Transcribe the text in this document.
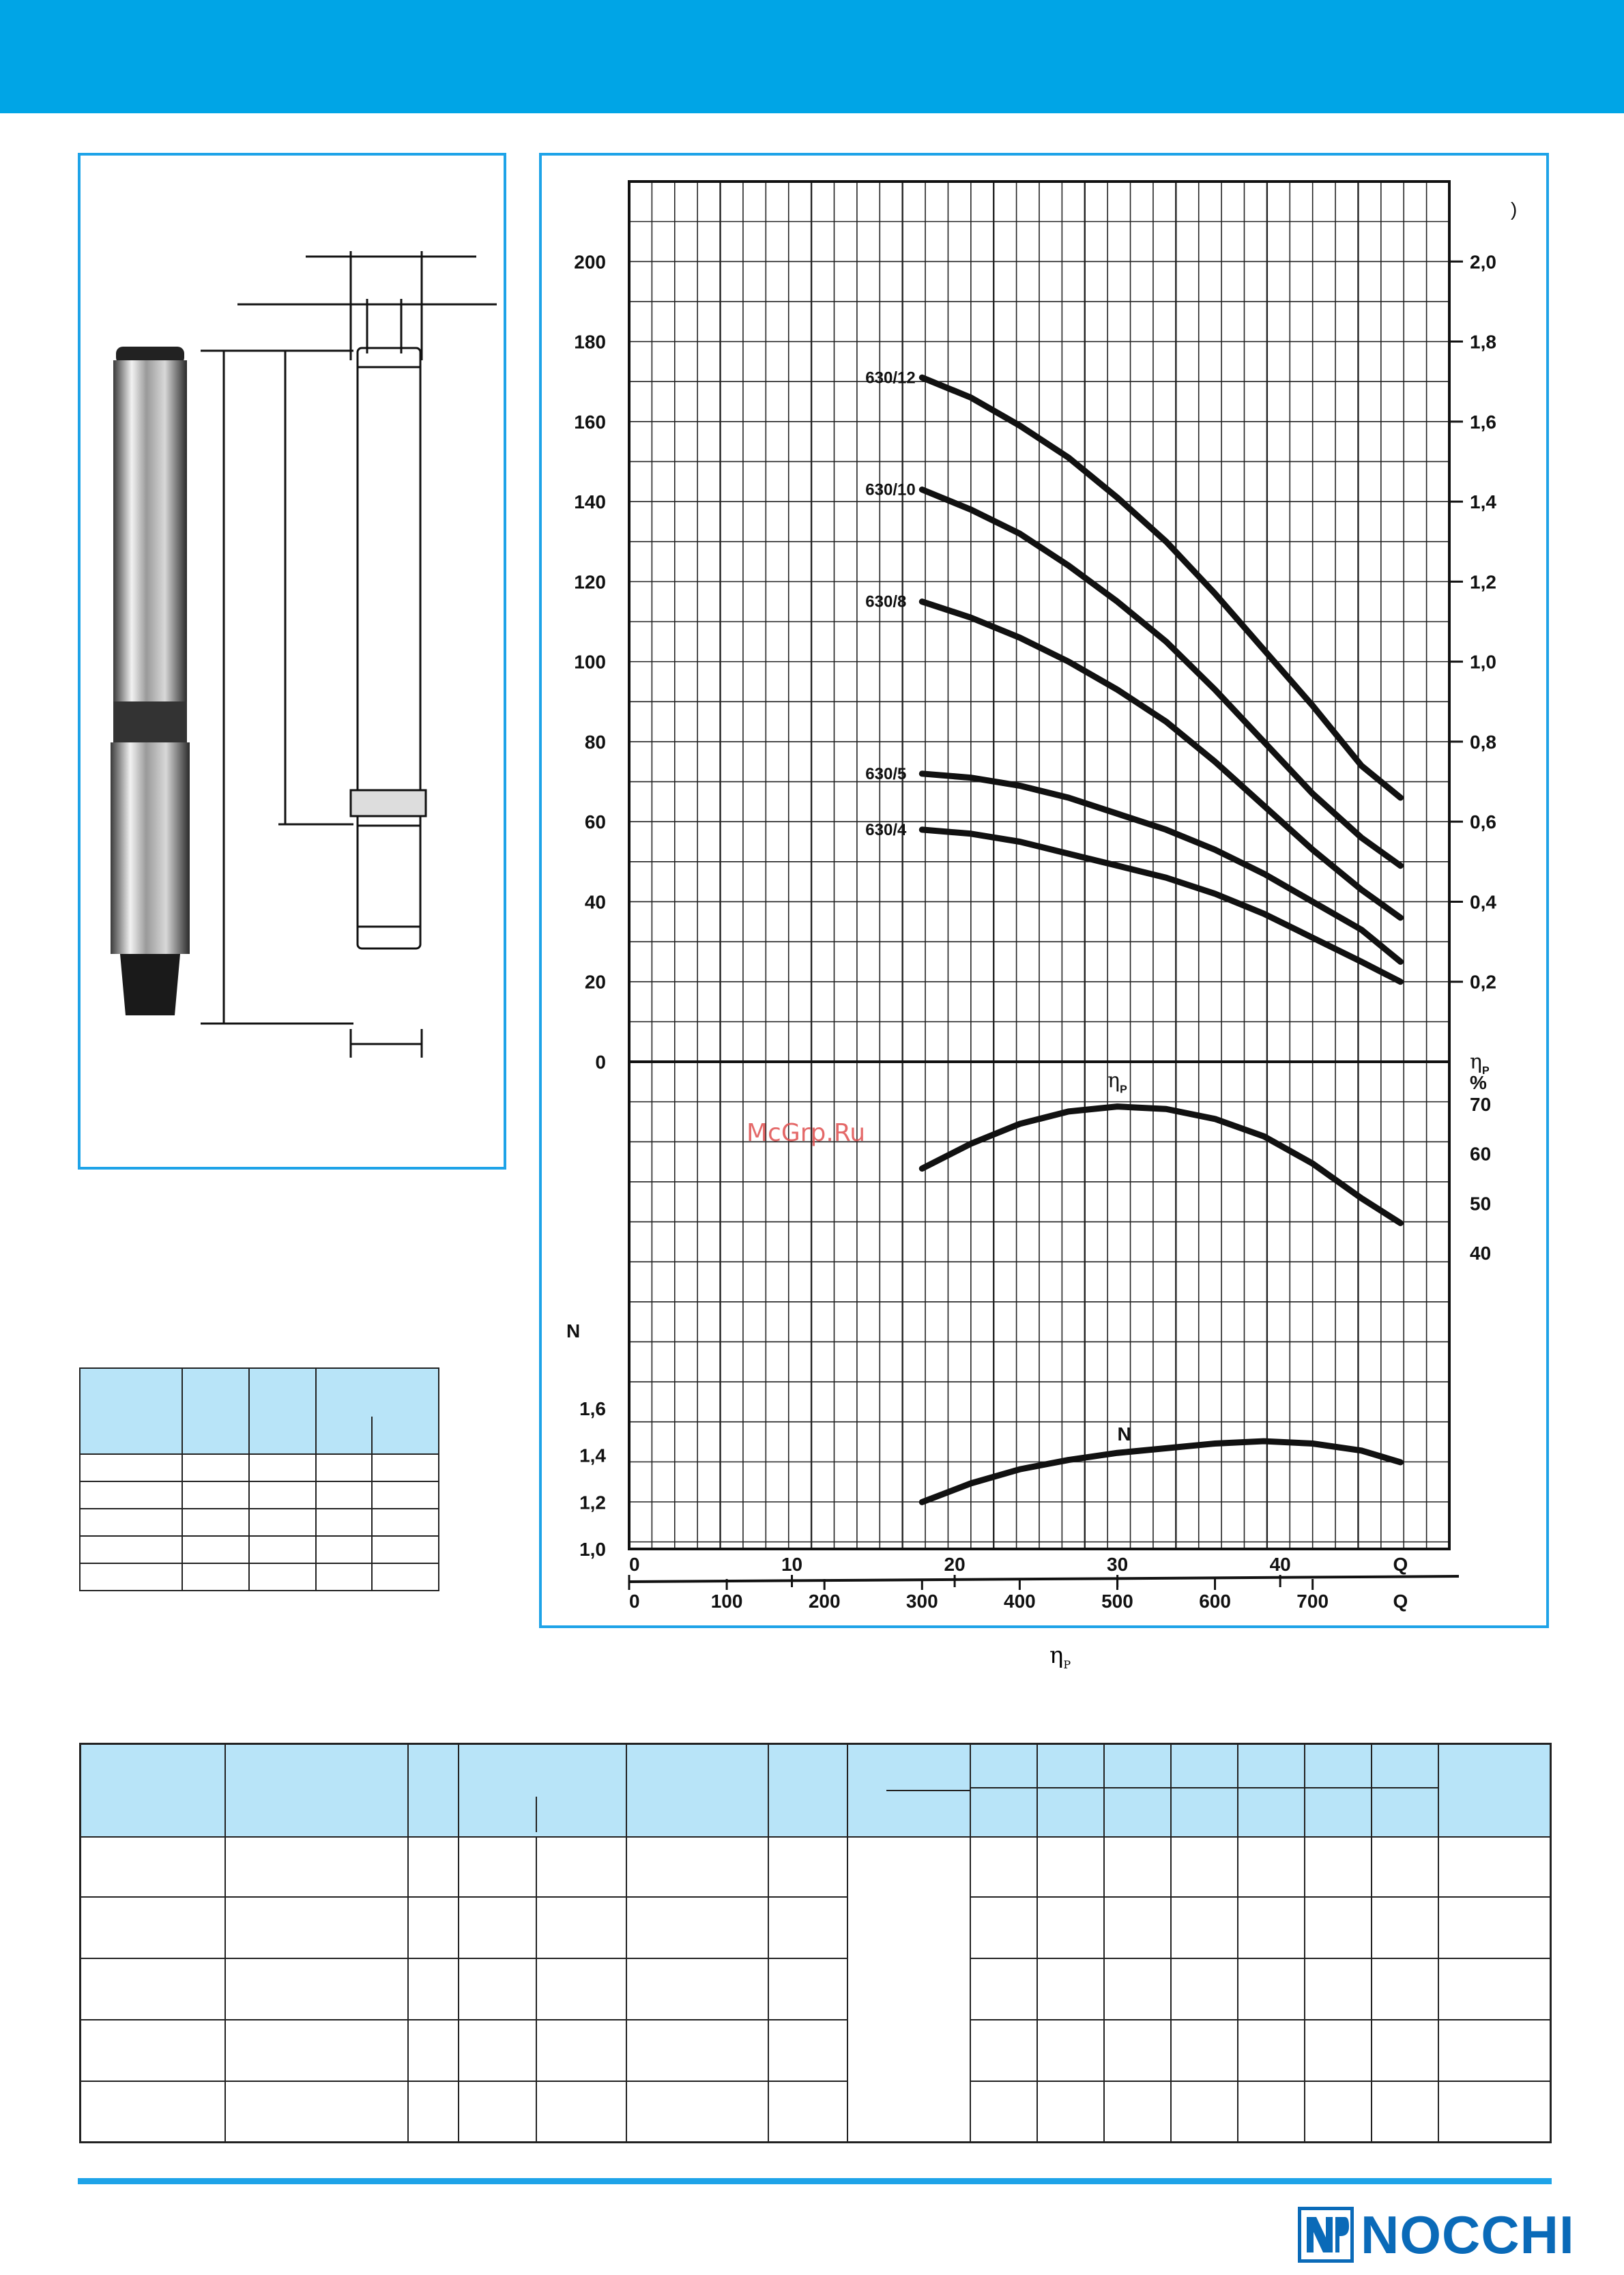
0
20
40
60
80
100
120
140
160
180
200
0,2
0,4
0,6
0,8
1,0
1,2
1,4
1,6
1,8
2,0
)
630/12
630/10
630/8
630/5
630/4
40
50
60
70
η P
%
η P
1,0
1,2
1,4
1,6
N
N
0	10	20	30	40	Q
0	100	200	300	400	500	600	700	Q
McGrp.Ru
$\eta_P$

NOCCHI
